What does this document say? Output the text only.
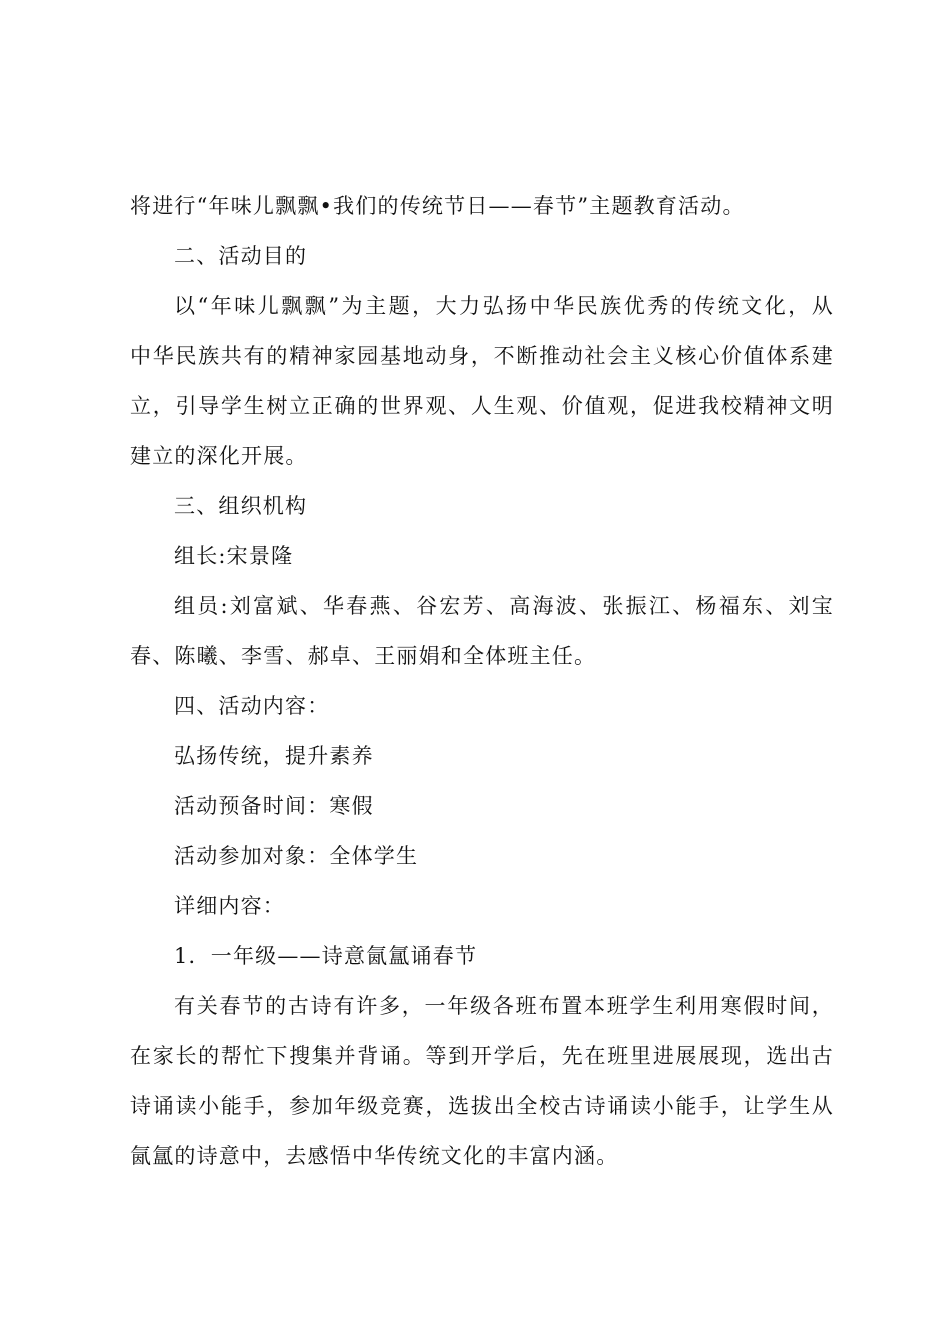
将进行“年味儿飘飘•我们的传统节日——春节”主题教育活动。
二、活动目的
以“年味儿飘飘”为主题，大力弘扬中华民族优秀的传统文化，从
中华民族共有的精神家园基地动身，不断推动社会主义核心价值体系建
立，引导学生树立正确的世界观、人生观、价值观，促进我校精神文明
建立的深化开展。
三、组织机构
组长:宋景隆
组员:刘富斌、华春燕、谷宏芳、高海波、张振江、杨福东、刘宝
春、陈曦、李雪、郝卓、王丽娟和全体班主任。
四、活动内容：
弘扬传统，提升素养
活动预备时间：寒假
活动参加对象：全体学生
详细内容：
1．一年级——诗意氤氲诵春节
有关春节的古诗有许多，一年级各班布置本班学生利用寒假时间，
在家长的帮忙下搜集并背诵。等到开学后，先在班里进展展现，选出古
诗诵读小能手，参加年级竞赛，选拔出全校古诗诵读小能手，让学生从
氤氲的诗意中，去感悟中华传统文化的丰富内涵。
